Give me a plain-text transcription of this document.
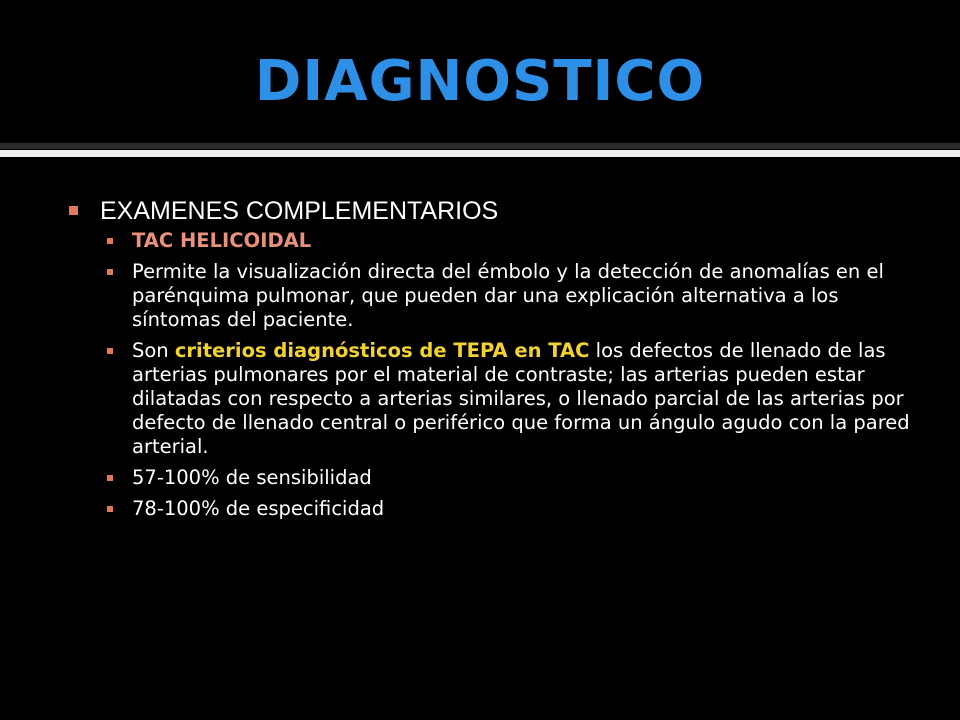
DIAGNOSTICO
EXAMENES COMPLEMENTARIOS
TAC HELICOIDAL
Permite la visualización directa del émbolo y la detección de anomalías en el parénquima pulmonar, que pueden dar una explicación alternativa a los síntomas del paciente.
Son criterios diagnósticos de TEPA en TAC los defectos de llenado de las arterias pulmonares por el material de contraste; las arterias pueden estar dilatadas con respecto a arterias similares, o llenado parcial de las arterias por defecto de llenado central o periférico que forma un ángulo agudo con la pared arterial.
57-100% de sensibilidad
78-100% de especificidad
